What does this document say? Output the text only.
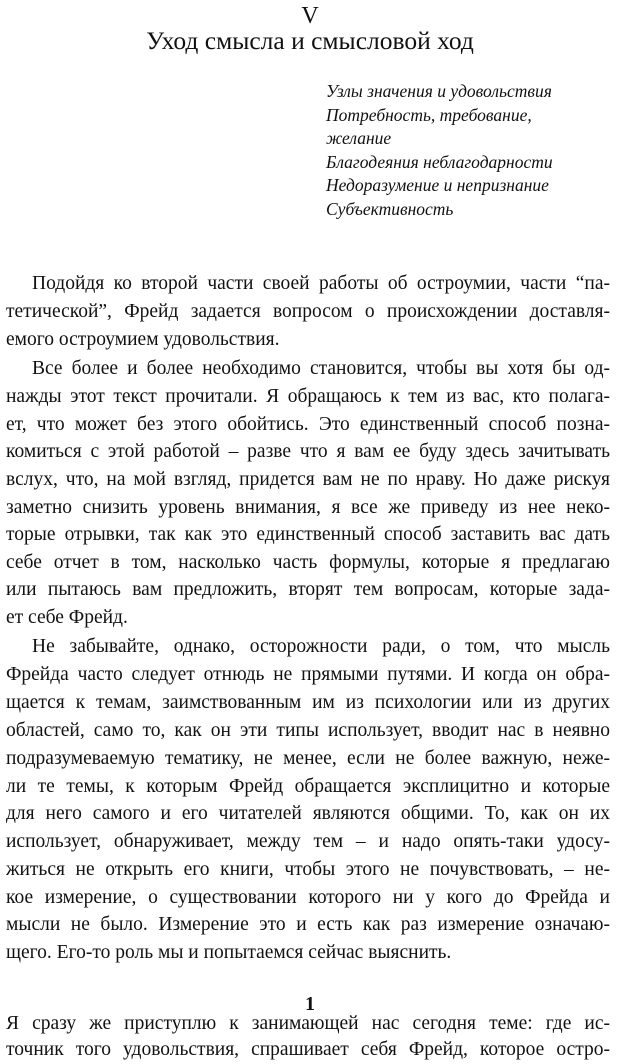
V
Уход смысла и смысловой ход
Узлы значения и удовольствия
Потребность, требование,
желание
Благодеяния неблагодарности
Недоразумение и непризнание
Субъективность
Подойдя ко второй части своей работы об остроумии, части “па-
тетической”, Фрейд задается вопросом о происхождении доставля-
емого остроумием удовольствия.
Все более и более необходимо становится, чтобы вы хотя бы од-
нажды этот текст прочитали. Я обращаюсь к тем из вас, кто полага-
ет, что может без этого обойтись. Это единственный способ позна-
комиться с этой работой – разве что я вам ее буду здесь зачитывать
вслух, что, на мой взгляд, придется вам не по нраву. Но даже рискуя
заметно снизить уровень внимания, я все же приведу из нее неко-
торые отрывки, так как это единственный способ заставить вас дать
себе отчет в том, насколько часть формулы, которые я предлагаю
или пытаюсь вам предложить, вторят тем вопросам, которые зада-
ет себе Фрейд.
Не забывайте, однако, осторожности ради, о том, что мысль
Фрейда часто следует отнюдь не прямыми путями. И когда он обра-
щается к темам, заимствованным им из психологии или из других
областей, само то, как он эти типы использует, вводит нас в неявно
подразумеваемую тематику, не менее, если не более важную, неже-
ли те темы, к которым Фрейд обращается эксплицитно и которые
для него самого и его читателей являются общими. То, как он их
использует, обнаруживает, между тем – и надо опять-таки удосу-
житься не открыть его книги, чтобы этого не почувствовать, – не-
кое измерение, о существовании которого ни у кого до Фрейда и
мысли не было. Измерение это и есть как раз измерение означаю-
щего. Его-то роль мы и попытаемся сейчас выяснить.
1
Я сразу же приступлю к занимающей нас сегодня теме: где ис-
точник того удовольствия, спрашивает себя Фрейд, которое остро-
